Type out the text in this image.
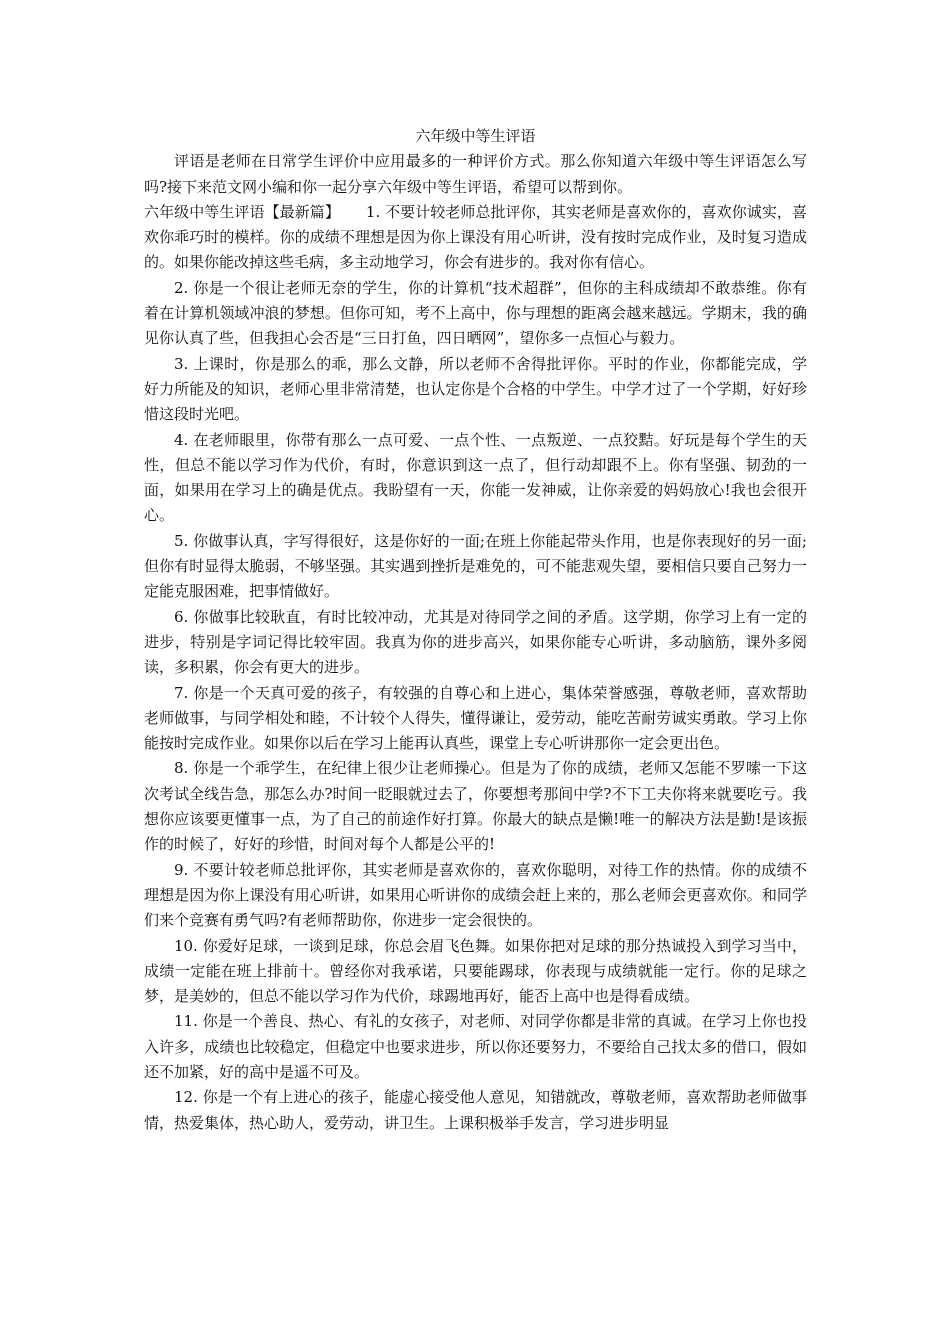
六年级中等生评语

评语是老师在日常学生评价中应用最多的一种评价方式。那么你知道六年级中等生评语怎么写吗?接下来范文网小编和你一起分享六年级中等生评语，希望可以帮到你。

六年级中等生评语【最新篇】 1. 不要计较老师总批评你，其实老师是喜欢你的，喜欢你诚实，喜欢你乖巧时的模样。你的成绩不理想是因为你上课没有用心听讲，没有按时完成作业，及时复习造成的。如果你能改掉这些毛病，多主动地学习，你会有进步的。我对你有信心。

2. 你是一个很让老师无奈的学生，你的计算机“技术超群”，但你的主科成绩却不敢恭维。你有着在计算机领域冲浪的梦想。但你可知，考不上高中，你与理想的距离会越来越远。学期末，我的确见你认真了些，但我担心会否是“三日打鱼，四日晒网”，望你多一点恒心与毅力。

3. 上课时，你是那么的乖，那么文静，所以老师不舍得批评你。平时的作业，你都能完成，学好力所能及的知识，老师心里非常清楚，也认定你是个合格的中学生。中学才过了一个学期，好好珍惜这段时光吧。

4. 在老师眼里，你带有那么一点可爱、一点个性、一点叛逆、一点狡黠。好玩是每个学生的天性，但总不能以学习作为代价，有时，你意识到这一点了，但行动却跟不上。你有坚强、韧劲的一面，如果用在学习上的确是优点。我盼望有一天，你能一发神威，让你亲爱的妈妈放心!我也会很开心。

5. 你做事认真，字写得很好，这是你好的一面;在班上你能起带头作用，也是你表现好的另一面;但你有时显得太脆弱，不够坚强。其实遇到挫折是难免的，可不能悲观失望，要相信只要自己努力一定能克服困难，把事情做好。

6. 你做事比较耿直，有时比较冲动，尤其是对待同学之间的矛盾。这学期，你学习上有一定的进步，特别是字词记得比较牢固。我真为你的进步高兴，如果你能专心听讲，多动脑筋，课外多阅读，多积累，你会有更大的进步。

7. 你是一个天真可爱的孩子，有较强的自尊心和上进心，集体荣誉感强，尊敬老师，喜欢帮助老师做事，与同学相处和睦，不计较个人得失，懂得谦让，爱劳动，能吃苦耐劳诚实勇敢。学习上你能按时完成作业。如果你以后在学习上能再认真些，课堂上专心听讲那你一定会更出色。

8. 你是一个乖学生，在纪律上很少让老师操心。但是为了你的成绩，老师又怎能不罗嗦一下这次考试全线告急，那怎么办?时间一眨眼就过去了，你要想考那间中学?不下工夫你将来就要吃亏。我想你应该要更懂事一点，为了自己的前途作好打算。你最大的缺点是懒!唯一的解决方法是勤!是该振作的时候了，好好的珍惜，时间对每个人都是公平的!

9. 不要计较老师总批评你，其实老师是喜欢你的，喜欢你聪明，对待工作的热情。你的成绩不理想是因为你上课没有用心听讲，如果用心听讲你的成绩会赶上来的，那么老师会更喜欢你。和同学们来个竞赛有勇气吗?有老师帮助你，你进步一定会很快的。

10. 你爱好足球，一谈到足球，你总会眉飞色舞。如果你把对足球的那分热诚投入到学习当中，成绩一定能在班上排前十。曾经你对我承诺，只要能踢球，你表现与成绩就能一定行。你的足球之梦，是美妙的，但总不能以学习作为代价，球踢地再好，能否上高中也是得看成绩。

11. 你是一个善良、热心、有礼的女孩子，对老师、对同学你都是非常的真诚。在学习上你也投入许多，成绩也比较稳定，但稳定中也要求进步，所以你还要努力，不要给自己找太多的借口，假如还不加紧，好的高中是遥不可及。

12. 你是一个有上进心的孩子，能虚心接受他人意见，知错就改，尊敬老师，喜欢帮助老师做事情，热爱集体，热心助人，爱劳动，讲卫生。上课积极举手发言，学习进步明显
